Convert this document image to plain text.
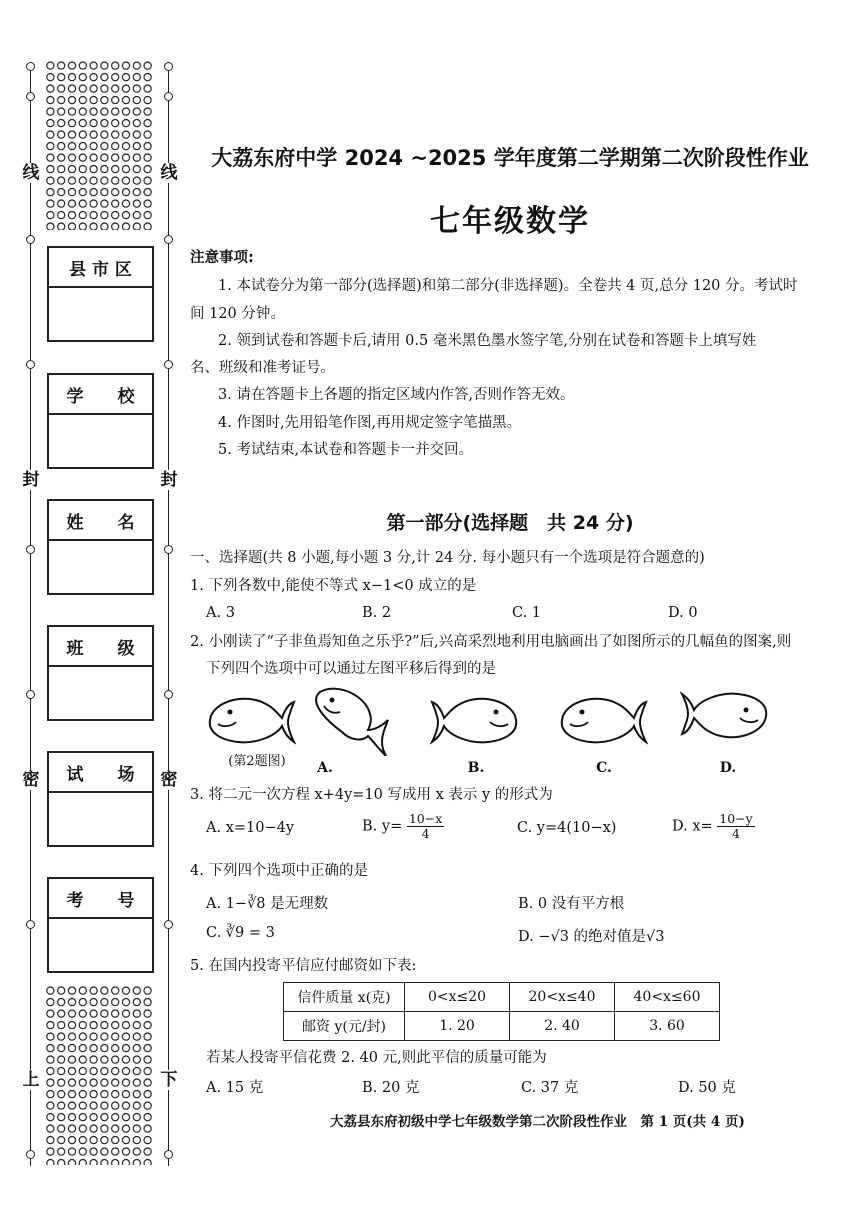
线
封
密
上
线
封
密
下
县 市 区
学　　校
姓　　名
班　　级
试　　场
考　　号
大荔东府中学 2024 ~2025 学年度第二学期第二次阶段性作业
七年级数学
注意事项:
1. 本试卷分为第一部分(选择题)和第二部分(非选择题)。全卷共 4 页,总分 120 分。考试时
间 120 分钟。
2. 领到试卷和答题卡后,请用 0.5 毫米黑色墨水签字笔,分别在试卷和答题卡上填写姓
名、班级和准考证号。
3. 请在答题卡上各题的指定区域内作答,否则作答无效。
4. 作图时,先用铅笔作图,再用规定签字笔描黑。
5. 考试结束,本试卷和答题卡一并交回。
第一部分(选择题　共 24 分)
一、选择题(共 8 小题,每小题 3 分,计 24 分. 每小题只有一个选项是符合题意的)
1. 下列各数中,能使不等式 x−1<0 成立的是
A. 3	B. 2	C. 1	D. 0
2. 小刚读了“子非鱼焉知鱼之乐乎?”后,兴高采烈地利用电脑画出了如图所示的几幅鱼的图案,则
下列四个选项中可以通过左图平移后得到的是
(第2题图)	A.	B.	C.	D.
3. 将二元一次方程 x+4y=10 写成用 x 表示 y 的形式为
A. x=10−4y	B. $y= \frac{10-x}{4}$	C. y=4(10−x)	D. $x= \frac{10-y}{4}$
4. 下列四个选项中正确的是
A. 1−∛8 是无理数	B. 0 没有平方根
C. ∛9 = 3	D. −√3 的绝对值是√3
5. 在国内投寄平信应付邮资如下表:
信件质量 x(克)	0<x≤20	20<x≤40	40<x≤60
邮资 y(元/封)	1. 20	2. 40	3. 60
若某人投寄平信花费 2. 40 元,则此平信的质量可能为
A. 15 克	B. 20 克	C. 37 克	D. 50 克
大荔县东府初级中学七年级数学第二次阶段性作业　第 1 页(共 4 页)
